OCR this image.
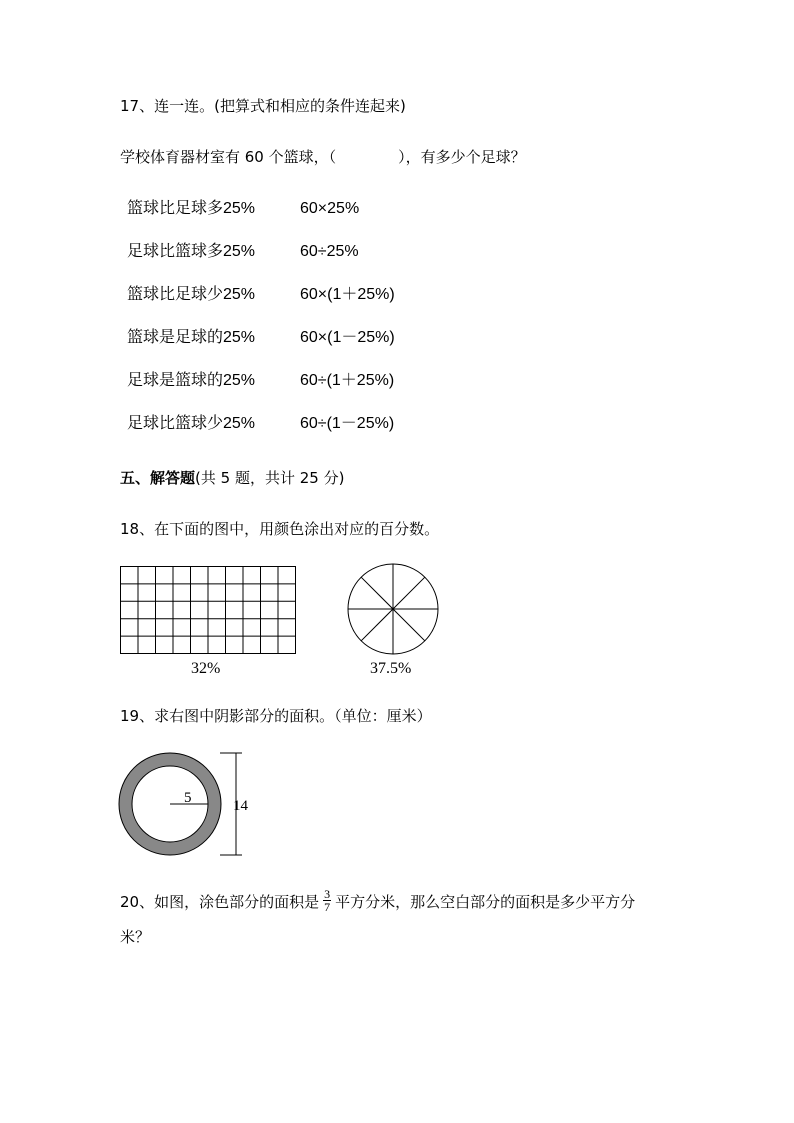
17、连一连。(把算式和相应的条件连起来)
学校体育器材室有 60 个篮球，（	），有多少个足球？
篮球比足球多25%	60×25%
足球比篮球多25%	60÷25%
篮球比足球少25%	60×(1＋25%)
篮球是足球的25%	60×(1－25%)
足球是篮球的25%	60÷(1＋25%)
足球比篮球少25%	60÷(1－25%)
五、解答题(共 5 题，共计 25 分)
18、在下面的图中，用颜色涂出对应的百分数。
32%	37.5%
19、求右图中阴影部分的面积。（单位：厘米）
5	14
20、如图，涂色部分的面积是 $\frac{3}{7}$ 平方分米，那么空白部分的面积是多少平方分
米？
